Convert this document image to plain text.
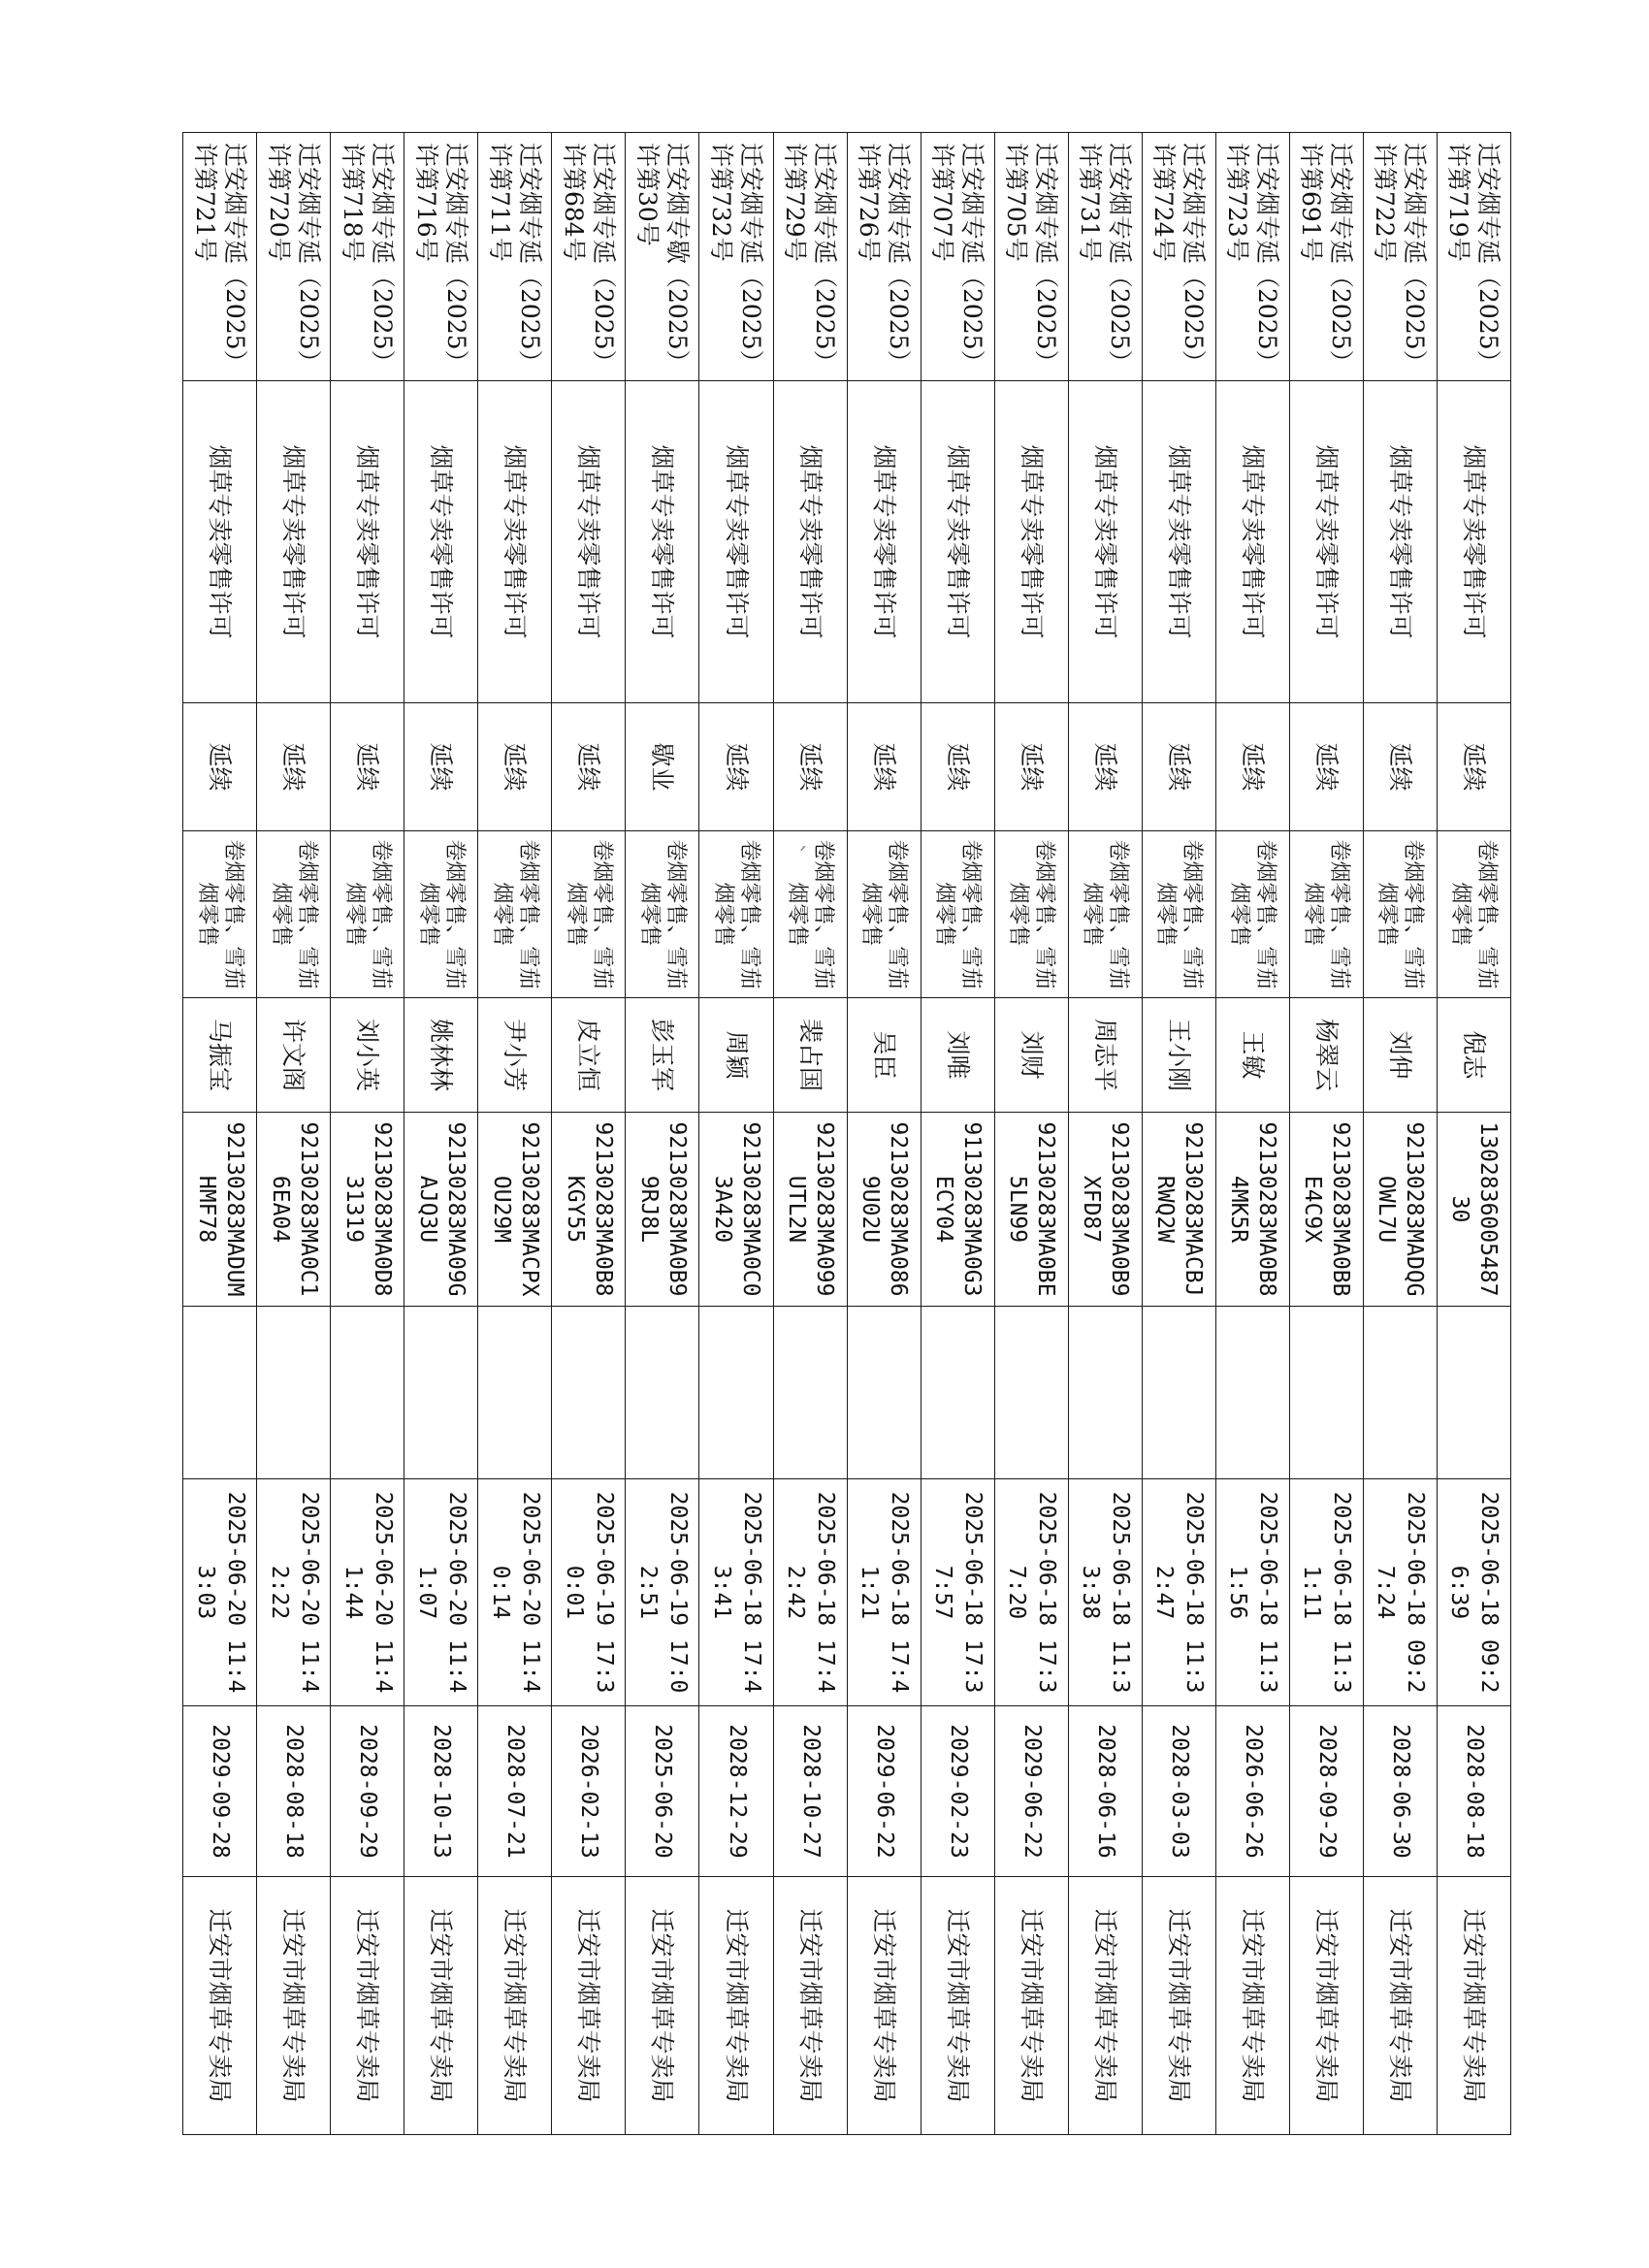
迁安烟专延（2025）许第719号	烟草专卖零售许可	延续	卷烟零售、雪茄烟零售	倪志	130283600548730		2025-06-18 09:26:39	2028-08-18	迁安市烟草专卖局
迁安烟专延（2025）许第722号	烟草专卖零售许可	延续	卷烟零售、雪茄烟零售	刘仲	92130283MADQGOWL7U		2025-06-18 09:27:24	2028-06-30	迁安市烟草专卖局
迁安烟专延（2025）许第691号	烟草专卖零售许可	延续	卷烟零售、雪茄烟零售	杨翠云	92130283MA0BBE4C9X		2025-06-18 11:31:11	2028-09-29	迁安市烟草专卖局
迁安烟专延（2025）许第723号	烟草专卖零售许可	延续	卷烟零售、雪茄烟零售	王敏	92130283MA0B84MK5R		2025-06-18 11:31:56	2026-06-26	迁安市烟草专卖局
迁安烟专延（2025）许第724号	烟草专卖零售许可	延续	卷烟零售、雪茄烟零售	王小刚	92130283MACBJRWQ2W		2025-06-18 11:32:47	2028-03-03	迁安市烟草专卖局
迁安烟专延（2025）许第731号	烟草专卖零售许可	延续	卷烟零售、雪茄烟零售	周志平	92130283MA0B9XFD87		2025-06-18 11:33:38	2028-06-16	迁安市烟草专卖局
迁安烟专延（2025）许第705号	烟草专卖零售许可	延续	卷烟零售、雪茄烟零售	刘财	92130283MA0BE5LN99		2025-06-18 17:37:20	2029-06-22	迁安市烟草专卖局
迁安烟专延（2025）许第707号	烟草专卖零售许可	延续	卷烟零售、雪茄烟零售	刘唯	91130283MA0G3ECY04		2025-06-18 17:37:57	2029-02-23	迁安市烟草专卖局
迁安烟专延（2025）许第726号	烟草专卖零售许可	延续	卷烟零售、雪茄烟零售	吴臣	92130283MA0869U02U		2025-06-18 17:41:21	2029-06-22	迁安市烟草专卖局
迁安烟专延（2025）许第729号	烟草专卖零售许可	延续	卷烟零售、雪茄烟零售	裴占国	92130283MA099UTL2N		2025-06-18 17:42:42	2028-10-27	迁安市烟草专卖局
迁安烟专延（2025）许第732号	烟草专卖零售许可	延续	卷烟零售、雪茄烟零售	周颖	92130283MA0C03A420		2025-06-18 17:43:41	2028-12-29	迁安市烟草专卖局
迁安烟专歇（2025）许第30号	烟草专卖零售许可	歇业	卷烟零售、雪茄烟零售	彭玉军	92130283MA0B99RJ8L		2025-06-19 17:02:51	2025-06-20	迁安市烟草专卖局
迁安烟专延（2025）许第684号	烟草专卖零售许可	延续	卷烟零售、雪茄烟零售	皮立恒	92130283MA0B8KGY55		2025-06-19 17:30:01	2026-02-13	迁安市烟草专卖局
迁安烟专延（2025）许第711号	烟草专卖零售许可	延续	卷烟零售、雪茄烟零售	尹小芳	92130283MACPXOU29M		2025-06-20 11:40:14	2028-07-21	迁安市烟草专卖局
迁安烟专延（2025）许第716号	烟草专卖零售许可	延续	卷烟零售、雪茄烟零售	姚林林	92130283MA09GAJQ3U		2025-06-20 11:41:07	2028-10-13	迁安市烟草专卖局
迁安烟专延（2025）许第718号	烟草专卖零售许可	延续	卷烟零售、雪茄烟零售	刘小英	92130283MA0D831319		2025-06-20 11:41:44	2028-09-29	迁安市烟草专卖局
迁安烟专延（2025）许第720号	烟草专卖零售许可	延续	卷烟零售、雪茄烟零售	许文阁	92130283MA0C16EA04		2025-06-20 11:42:22	2028-08-18	迁安市烟草专卖局
迁安烟专延（2025）许第721号	烟草专卖零售许可	延续	卷烟零售、雪茄烟零售	马振宝	92130283MADUMHMF78		2025-06-20 11:43:03	2029-09-28	迁安市烟草专卖局
ˊ
